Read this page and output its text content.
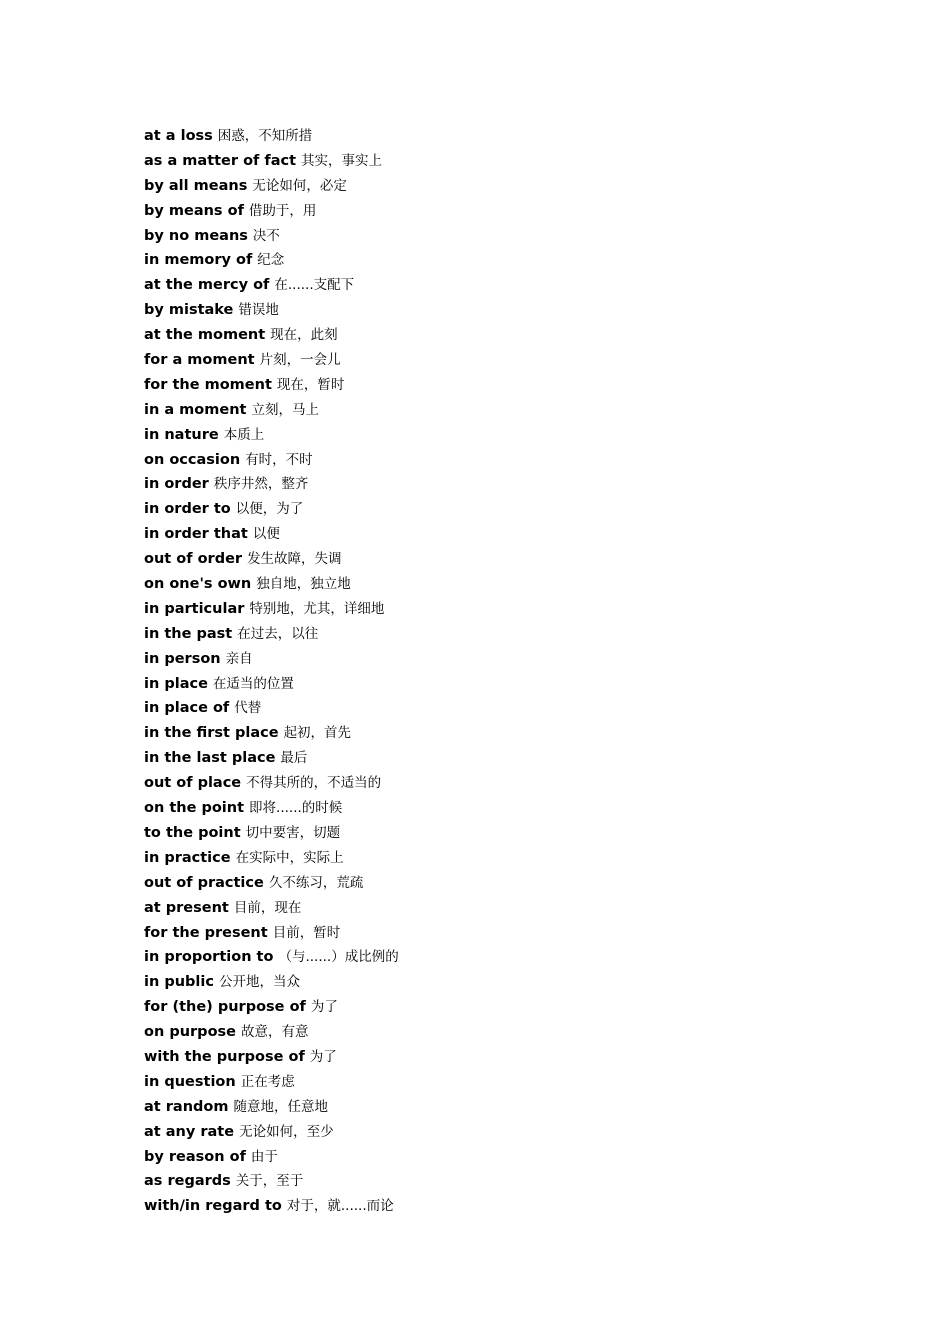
at a loss 困惑，不知所措
as a matter of fact 其实，事实上
by all means 无论如何，必定
by means of 借助于，用
by no means 决不
in memory of 纪念
at the mercy of 在......支配下
by mistake 错误地
at the moment 现在，此刻
for a moment 片刻，一会儿
for the moment 现在，暂时
in a moment 立刻，马上
in nature 本质上
on occasion 有时，不时
in order 秩序井然，整齐
in order to 以便，为了
in order that 以便
out of order 发生故障，失调
on one's own 独自地，独立地
in particular 特别地，尤其，详细地
in the past 在过去，以往
in person 亲自
in place 在适当的位置
in place of 代替
in the first place 起初，首先
in the last place 最后
out of place 不得其所的，不适当的
on the point 即将......的时候
to the point 切中要害，切题
in practice 在实际中，实际上
out of practice 久不练习，荒疏
at present 目前，现在
for the present 目前，暂时
in proportion to （与......）成比例的
in public 公开地，当众
for (the) purpose of 为了
on purpose 故意，有意
with the purpose of 为了
in question 正在考虑
at random 随意地，任意地
at any rate 无论如何，至少
by reason of 由于
as regards 关于，至于
with/in regard to 对于，就......而论
